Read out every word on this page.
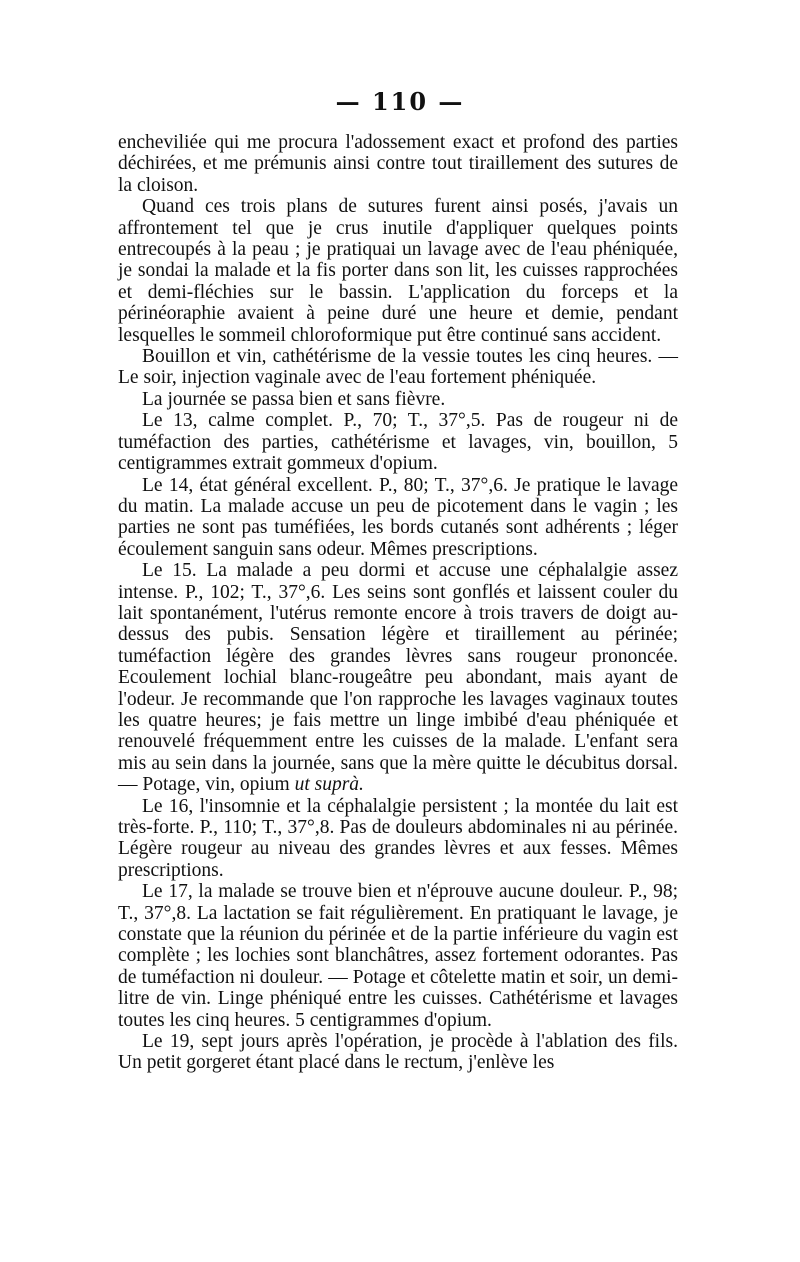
— 110 —

encheviliée qui me procura l'adossement exact et profond des parties déchirées, et me prémunis ainsi contre tout tiraillement des sutures de la cloison.

Quand ces trois plans de sutures furent ainsi posés, j'avais un affrontement tel que je crus inutile d'appliquer quelques points entrecoupés à la peau ; je pratiquai un lavage avec de l'eau phéniquée, je sondai la malade et la fis porter dans son lit, les cuisses rapprochées et demi-fléchies sur le bassin. L'application du forceps et la périnéoraphie avaient à peine duré une heure et demie, pendant lesquelles le sommeil chloroformique put être continué sans accident.

Bouillon et vin, cathétérisme de la vessie toutes les cinq heures. — Le soir, injection vaginale avec de l'eau fortement phéniquée.

La journée se passa bien et sans fièvre.

Le 13, calme complet. P., 70; T., 37°,5. Pas de rougeur ni de tuméfaction des parties, cathétérisme et lavages, vin, bouillon, 5 centigrammes extrait gommeux d'opium.

Le 14, état général excellent. P., 80; T., 37°,6. Je pratique le lavage du matin. La malade accuse un peu de picotement dans le vagin ; les parties ne sont pas tuméfiées, les bords cutanés sont adhérents ; léger écoulement sanguin sans odeur. Mêmes prescriptions.

Le 15. La malade a peu dormi et accuse une céphalalgie assez intense. P., 102; T., 37°,6. Les seins sont gonflés et laissent couler du lait spontanément, l'utérus remonte encore à trois travers de doigt au-dessus des pubis. Sensation légère et tiraillement au périnée; tuméfaction légère des grandes lèvres sans rougeur prononcée. Ecoulement lochial blanc-rougeâtre peu abondant, mais ayant de l'odeur. Je recommande que l'on rapproche les lavages vaginaux toutes les quatre heures; je fais mettre un linge imbibé d'eau phéniquée et renouvelé fréquemment entre les cuisses de la malade. L'enfant sera mis au sein dans la journée, sans que la mère quitte le décubitus dorsal. — Potage, vin, opium ut suprà.

Le 16, l'insomnie et la céphalalgie persistent ; la montée du lait est très-forte. P., 110; T., 37°,8. Pas de douleurs abdominales ni au périnée. Légère rougeur au niveau des grandes lèvres et aux fesses. Mêmes prescriptions.

Le 17, la malade se trouve bien et n'éprouve aucune douleur. P., 98; T., 37°,8. La lactation se fait régulièrement. En pratiquant le lavage, je constate que la réunion du périnée et de la partie inférieure du vagin est complète ; les lochies sont blanchâtres, assez fortement odorantes. Pas de tuméfaction ni douleur. — Potage et côtelette matin et soir, un demi-litre de vin. Linge phéniqué entre les cuisses. Cathétérisme et lavages toutes les cinq heures. 5 centigrammes d'opium.

Le 19, sept jours après l'opération, je procède à l'ablation des fils. Un petit gorgeret étant placé dans le rectum, j'enlève les
